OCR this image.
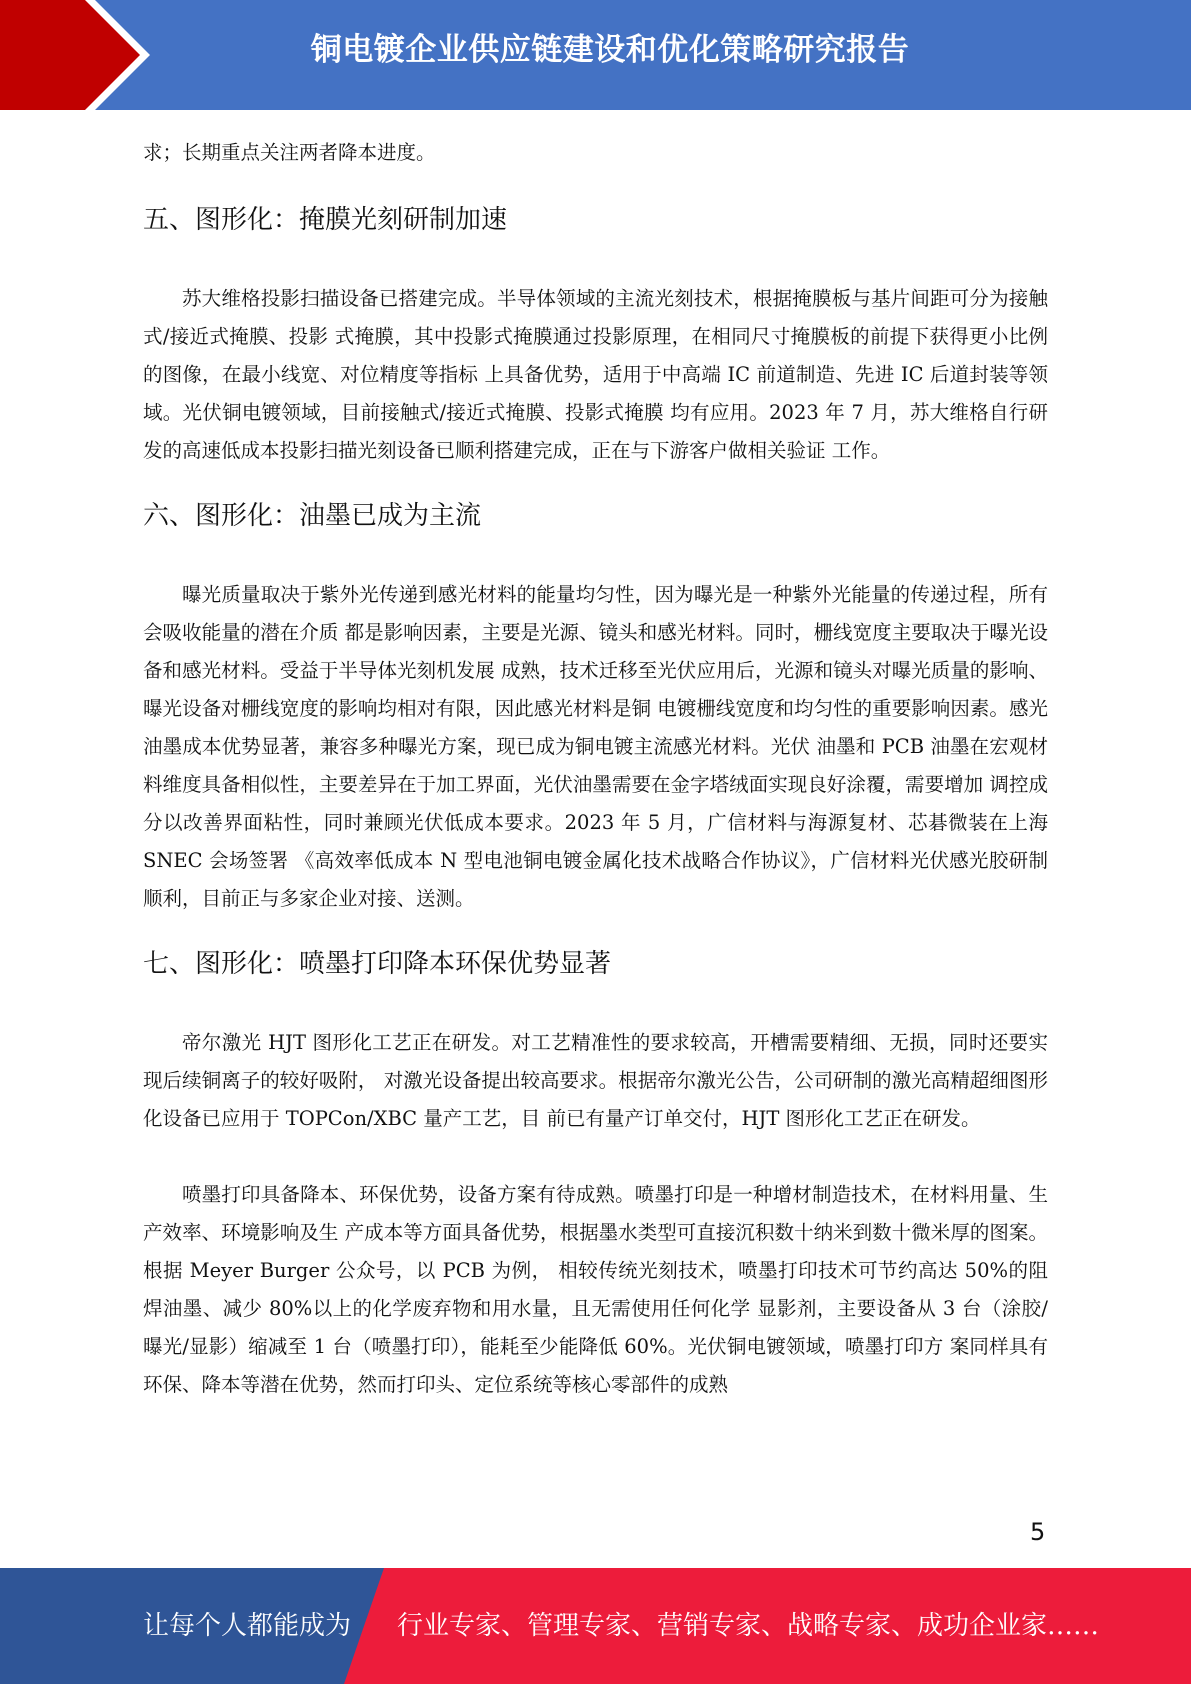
铜电镀企业供应链建设和优化策略研究报告

求；长期重点关注两者降本进度。

五、图形化：掩膜光刻研制加速

苏大维格投影扫描设备已搭建完成。半导体领域的主流光刻技术，根据掩膜板与基片间距可分为接触式/接近式掩膜、投影 式掩膜，其中投影式掩膜通过投影原理，在相同尺寸掩膜板的前提下获得更小比例的图像，在最小线宽、对位精度等指标 上具备优势，适用于中高端 IC 前道制造、先进 IC 后道封装等领域。光伏铜电镀领域，目前接触式/接近式掩膜、投影式掩膜 均有应用。2023 年 7 月，苏大维格自行研发的高速低成本投影扫描光刻设备已顺利搭建完成，正在与下游客户做相关验证 工作。

六、图形化：油墨已成为主流

曝光质量取决于紫外光传递到感光材料的能量均匀性，因为曝光是一种紫外光能量的传递过程，所有会吸收能量的潜在介质 都是影响因素，主要是光源、镜头和感光材料。同时，栅线宽度主要取决于曝光设备和感光材料。受益于半导体光刻机发展 成熟，技术迁移至光伏应用后，光源和镜头对曝光质量的影响、曝光设备对栅线宽度的影响均相对有限，因此感光材料是铜 电镀栅线宽度和均匀性的重要影响因素。感光油墨成本优势显著，兼容多种曝光方案，现已成为铜电镀主流感光材料。光伏 油墨和 PCB 油墨在宏观材料维度具备相似性，主要差异在于加工界面，光伏油墨需要在金字塔绒面实现良好涂覆，需要增加 调控成分以改善界面粘性，同时兼顾光伏低成本要求。2023 年 5 月，广信材料与海源复材、芯碁微装在上海 SNEC 会场签署 《高效率低成本 N 型电池铜电镀金属化技术战略合作协议》，广信材料光伏感光胶研制顺利，目前正与多家企业对接、送测。

七、图形化：喷墨打印降本环保优势显著

帝尔激光 HJT 图形化工艺正在研发。对工艺精准性的要求较高，开槽需要精细、无损，同时还要实现后续铜离子的较好吸附， 对激光设备提出较高要求。根据帝尔激光公告，公司研制的激光高精超细图形化设备已应用于 TOPCon/XBC 量产工艺，目 前已有量产订单交付，HJT 图形化工艺正在研发。

喷墨打印具备降本、环保优势，设备方案有待成熟。喷墨打印是一种增材制造技术，在材料用量、生产效率、环境影响及生 产成本等方面具备优势，根据墨水类型可直接沉积数十纳米到数十微米厚的图案。根据 Meyer Burger 公众号，以 PCB 为例， 相较传统光刻技术，喷墨打印技术可节约高达 50%的阻焊油墨、减少 80%以上的化学废弃物和用水量，且无需使用任何化学 显影剂，主要设备从 3 台（涂胶/曝光/显影）缩减至 1 台（喷墨打印），能耗至少能降低 60%。光伏铜电镀领域，喷墨打印方 案同样具有环保、降本等潜在优势，然而打印头、定位系统等核心零部件的成熟

5
让每个人都能成为 行业专家、管理专家、营销专家、战略专家、成功企业家……
